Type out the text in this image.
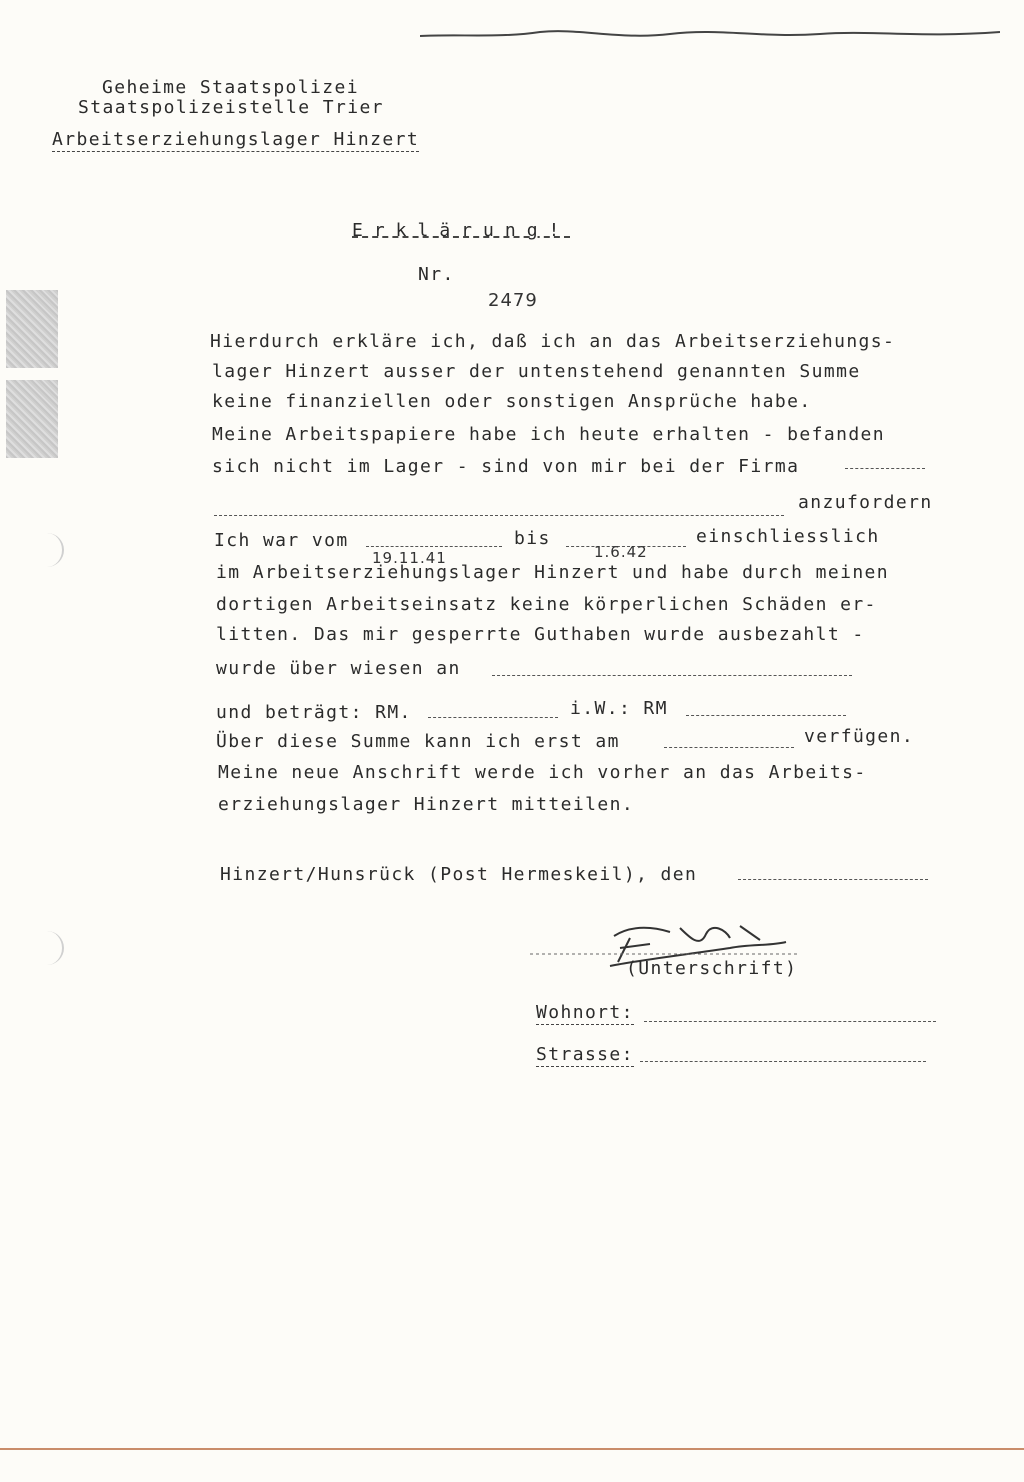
Geheime Staatspolizei
Staatspolizeistelle Trier
Arbeitserziehungslager Hinzert
Erklärung!
Nr.
2479
Hierdurch erkläre ich, daß ich an das Arbeitserziehungs-
lager Hinzert ausser der untenstehend genannten Summe
keine finanziellen oder sonstigen Ansprüche habe.
Meine Arbeitspapiere habe ich heute erhalten - befanden
sich nicht im Lager - sind von mir bei der Firma
anzufordern
Ich war vom
19.11.41
bis
1.6.42
einschliesslich
im Arbeitserziehungslager Hinzert und habe durch meinen
dortigen Arbeitseinsatz keine körperlichen Schäden er-
litten. Das mir gesperrte Guthaben wurde ausbezahlt -
wurde über wiesen an
und beträgt: RM.	i.W.: RM
Über diese Summe kann ich erst am	verfügen.
Meine neue Anschrift werde ich vorher an das Arbeits-
erziehungslager Hinzert mitteilen.
Hinzert/Hunsrück (Post Hermeskeil), den
(Unterschrift)
Wohnort:
Strasse:
